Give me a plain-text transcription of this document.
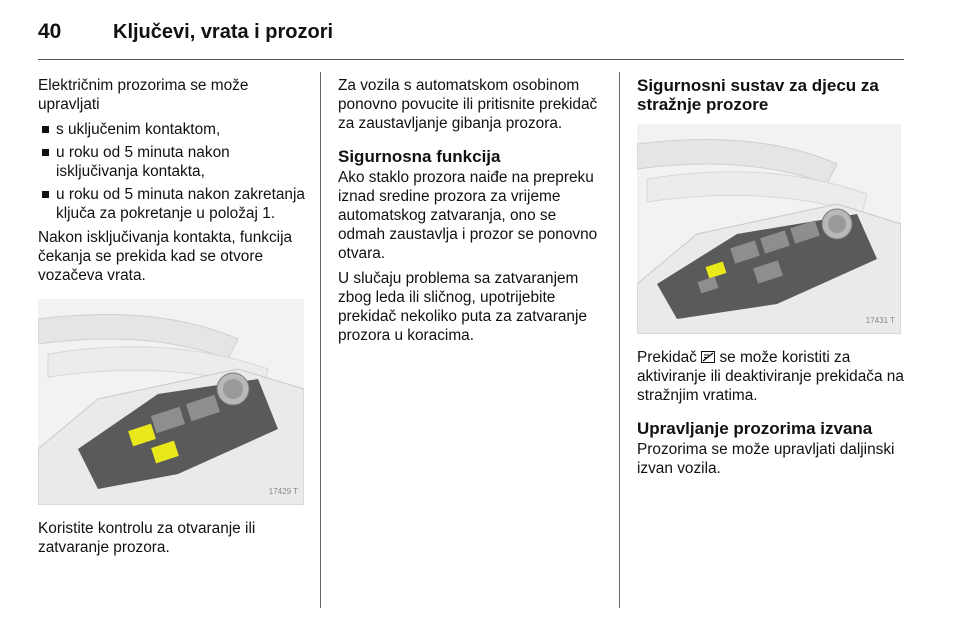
40	Ključevi, vrata i prozori

Električnim prozorima se može upravljati

s uključenim kontaktom,
u roku od 5 minuta nakon isključivanja kontakta,
u roku od 5 minuta nakon zakretanja ključa za pokretanje u položaj 1.

Nakon isključivanja kontakta, funkcija čekanja se prekida kad se otvore vozačeva vrata.

17429 T

Koristite kontrolu za otvaranje ili zatvaranje prozora.

Za vozila s automatskom osobinom ponovno povucite ili pritisnite prekidač za zaustavljanje gibanja prozora.

Sigurnosna funkcija

Ako staklo prozora naiđe na prepreku iznad sredine prozora za vrijeme automatskog zatvaranja, ono se odmah zaustavlja i prozor se ponovno otvara.

U slučaju problema sa zatvaranjem zbog leda ili sličnog, upotrijebite prekidač nekoliko puta za zatvaranje prozora u koracima.

Sigurnosni sustav za djecu za stražnje prozore
17431 T

Prekidač se može koristiti za aktiviranje ili deaktiviranje prekidača na stražnjim vratima.

Upravljanje prozorima izvana

Prozorima se može upravljati daljinski izvan vozila.
